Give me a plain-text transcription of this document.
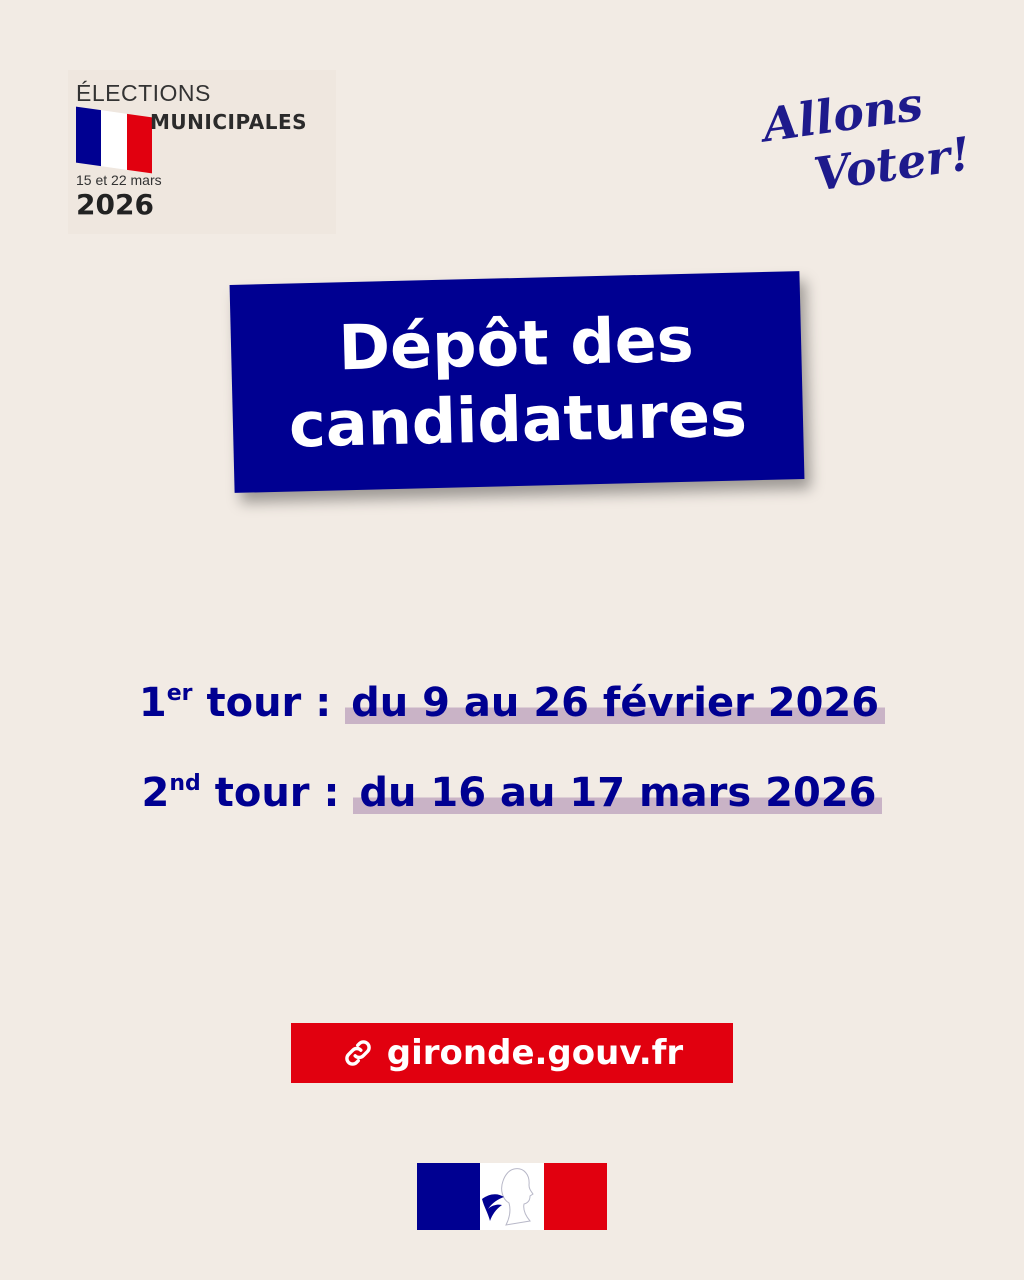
ÉLECTIONS
MUNICIPALES
15 et 22 mars
2026
Allons
Voter!
Dépôt des
candidatures
1er tour : du 9 au 26 février 2026
2nd tour : du 16 au 17 mars 2026
gironde.gouv.fr
